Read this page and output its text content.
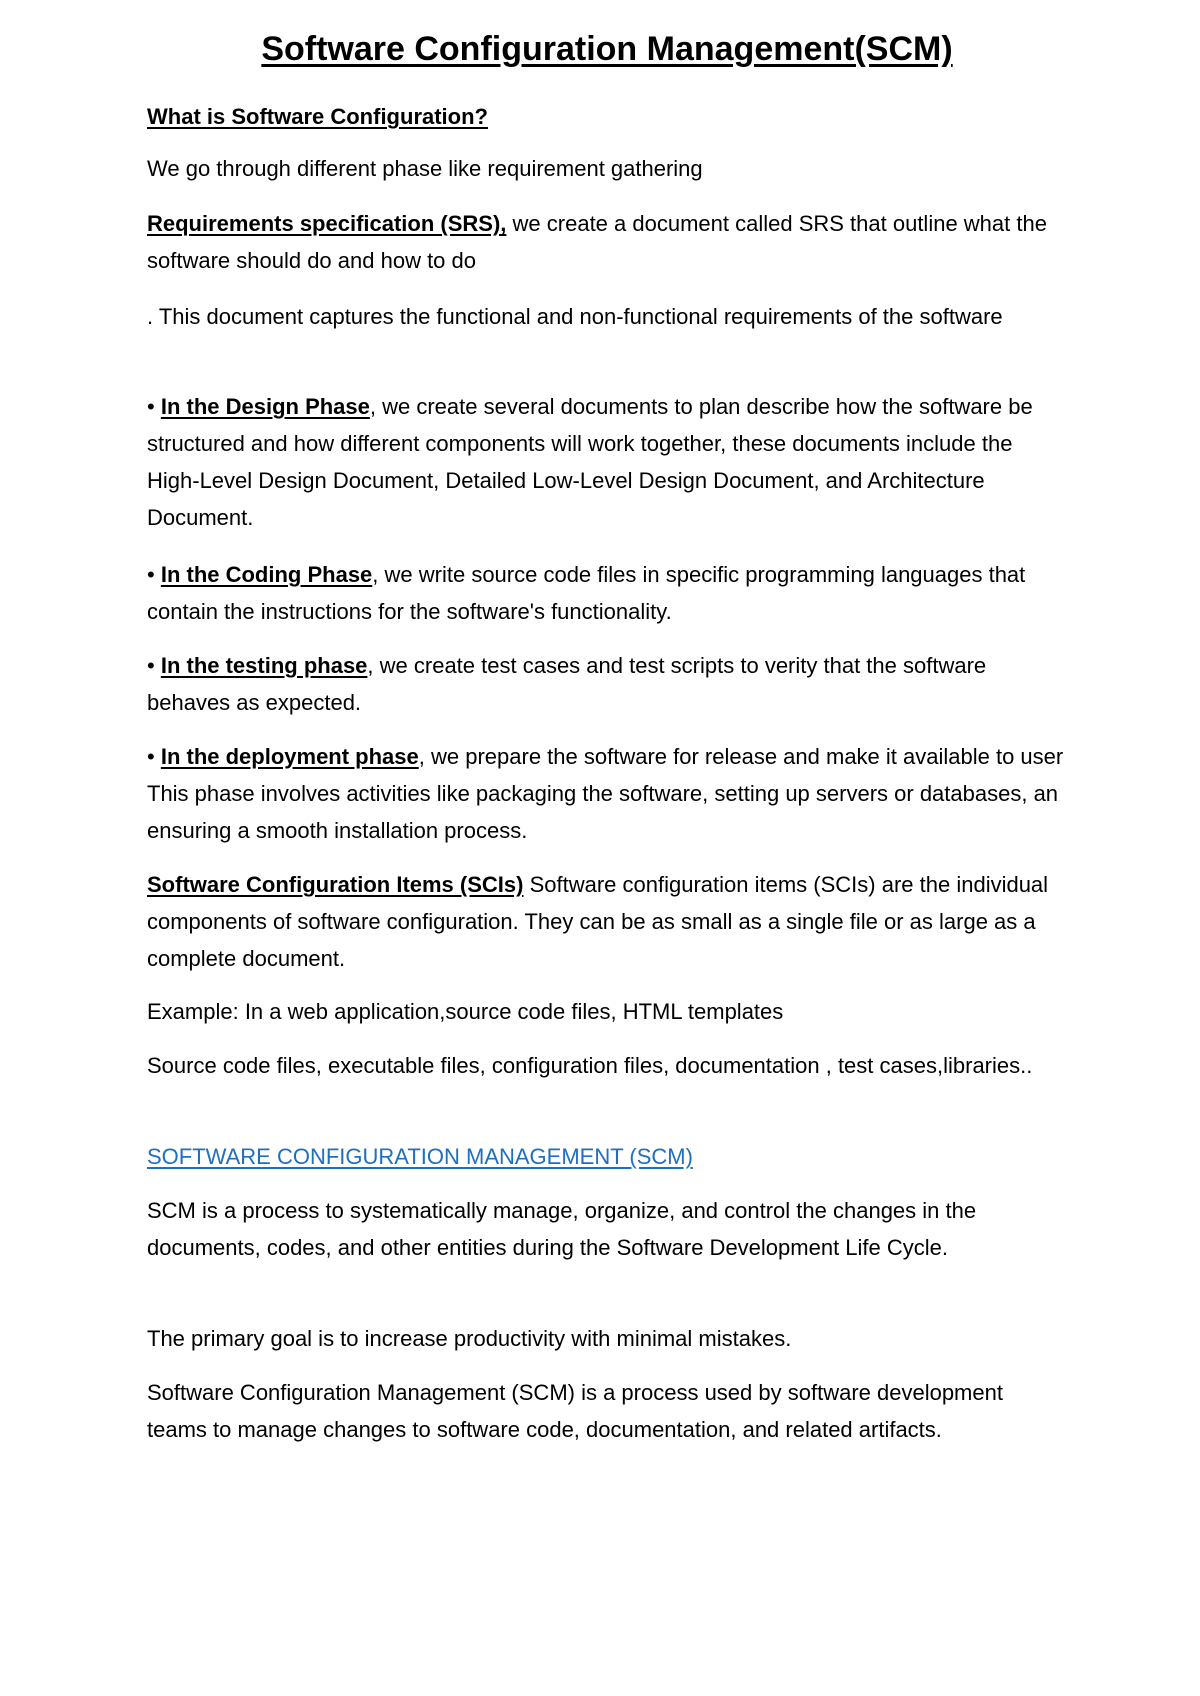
Software Configuration Management(SCM)

What is Software Configuration?

We go through different phase like requirement gathering

Requirements specification (SRS), we create a document called SRS that outline what the software should do and how to do

. This document captures the functional and non-functional requirements of the software

• In the Design Phase, we create several documents to plan describe how the software be structured and how different components will work together, these documents include the High-Level Design Document, Detailed Low-Level Design Document, and Architecture Document.

• In the Coding Phase, we write source code files in specific programming languages that contain the instructions for the software's functionality.

• In the testing phase, we create test cases and test scripts to verity that the software behaves as expected.

• In the deployment phase, we prepare the software for release and make it available to user This phase involves activities like packaging the software, setting up servers or databases, an ensuring a smooth installation process.

Software Configuration Items (SCIs) Software configuration items (SCIs) are the individual components of software configuration. They can be as small as a single file or as large as a complete document.

Example: In a web application,source code files, HTML templates

Source code files, executable files, configuration files, documentation , test cases,libraries..

SOFTWARE CONFIGURATION MANAGEMENT (SCM)

SCM is a process to systematically manage, organize, and control the changes in the documents, codes, and other entities during the Software Development Life Cycle.

The primary goal is to increase productivity with minimal mistakes.

Software Configuration Management (SCM) is a process used by software development teams to manage changes to software code, documentation, and related artifacts.
